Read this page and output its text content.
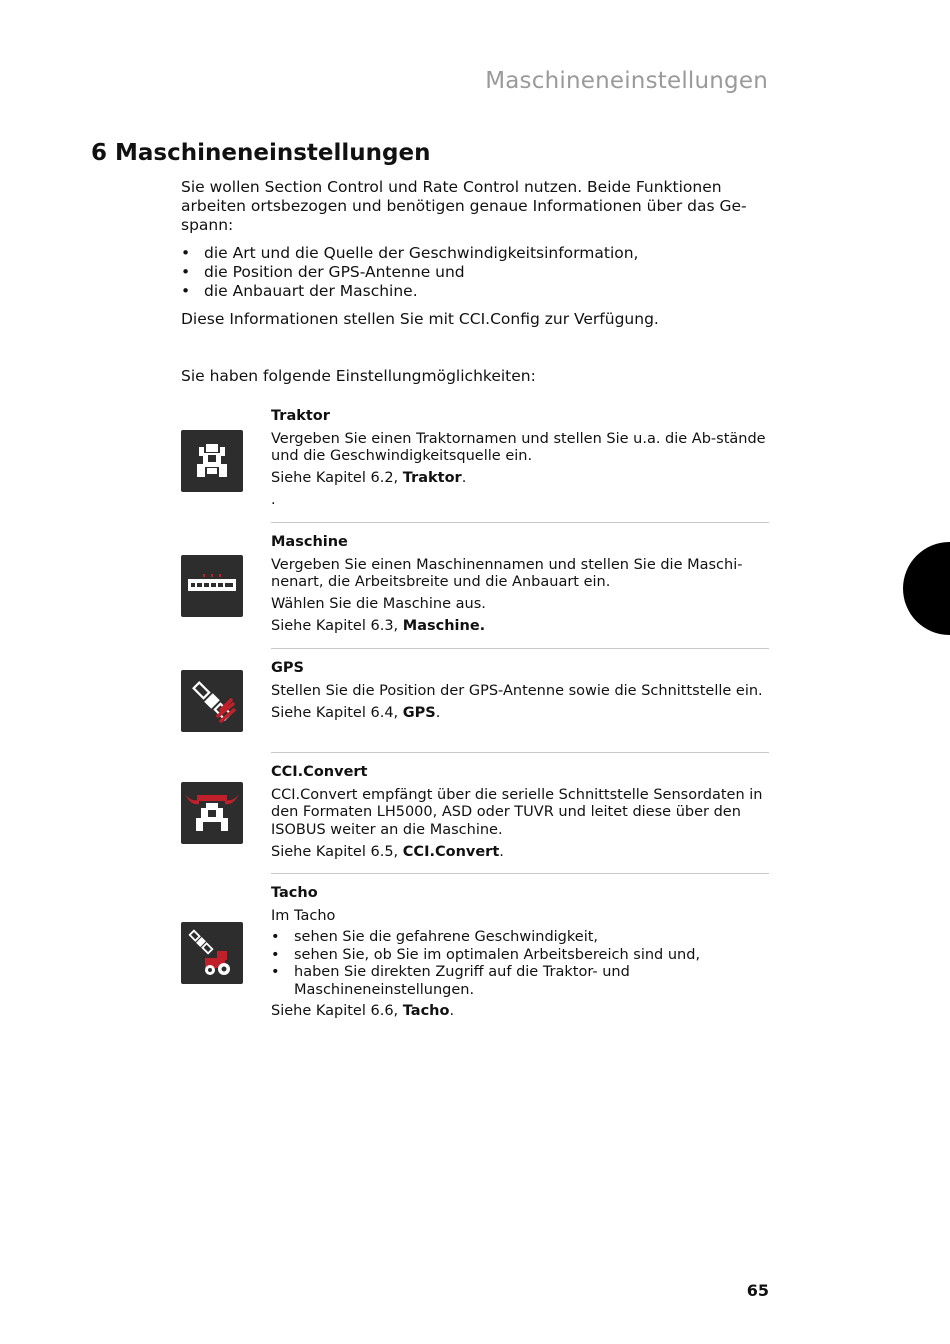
Maschineneinstellungen
6 Maschineneinstellungen

Sie wollen Section Control und Rate Control nutzen. Beide Funktionen arbeiten ortsbezogen und benötigen genaue Informationen über das Ge-spann:

• die Art und die Quelle der Geschwindigkeitsinformation,
• die Position der GPS-Antenne und
• die Anbauart der Maschine.

Diese Informationen stellen Sie mit CCI.Config zur Verfügung.

Sie haben folgende Einstellungmöglichkeiten:

Traktor

Vergeben Sie einen Traktornamen und stellen Sie u.a. die Ab-stände und die Geschwindigkeitsquelle ein.

Siehe Kapitel 6.2, Traktor.

.

Maschine

Vergeben Sie einen Maschinennamen und stellen Sie die Maschi-nenart, die Arbeitsbreite und die Anbauart ein.

Wählen Sie die Maschine aus.

Siehe Kapitel 6.3, Maschine.

GPS

Stellen Sie die Position der GPS-Antenne sowie die Schnittstelle ein.

Siehe Kapitel 6.4, GPS.

CCI.Convert

CCI.Convert empfängt über die serielle Schnittstelle Sensordaten in den Formaten LH5000, ASD oder TUVR und leitet diese über den ISOBUS weiter an die Maschine.

Siehe Kapitel 6.5, CCI.Convert.

Tacho

Im Tacho

• sehen Sie die gefahrene Geschwindigkeit,
• sehen Sie, ob Sie im optimalen Arbeitsbereich sind und,
• haben Sie direkten Zugriff auf die Traktor- und Maschineneinstellungen.

Siehe Kapitel 6.6, Tacho.

65
